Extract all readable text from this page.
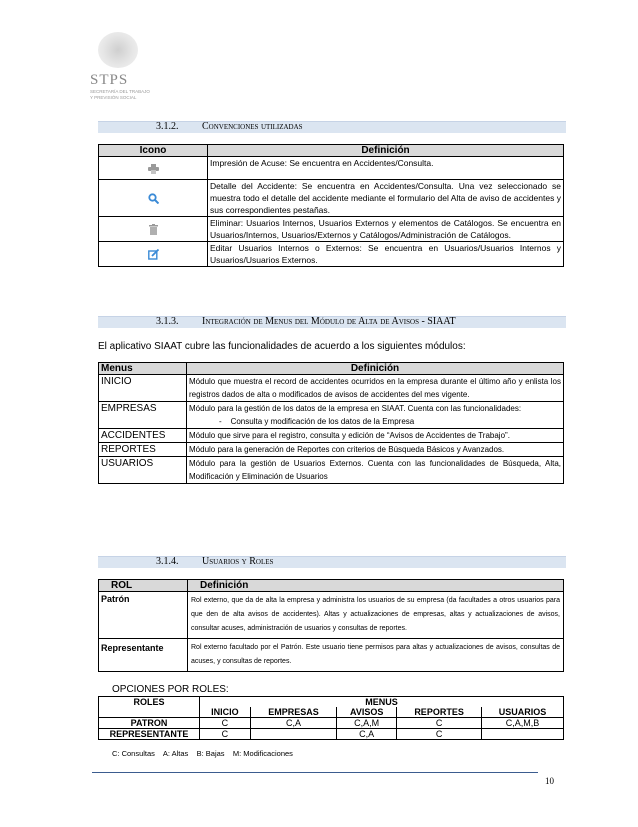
STPS
SECRETARÍA DEL TRABAJO Y PREVISIÓN SOCIAL
3.1.2. Convenciones utilizadas
Icono	Definición
	Impresión de Acuse: Se encuentra en Accidentes/Consulta.
	Detalle del Accidente: Se encuentra en Accidentes/Consulta. Una vez seleccionado se muestra todo el detalle del accidente mediante el formulario del Alta de aviso de accidentes y sus correspondientes pestañas.
	Eliminar: Usuarios Internos, Usuarios Externos y elementos de Catálogos. Se encuentra en Usuarios/Internos, Usuarios/Externos y Catálogos/Administración de Catálogos.
	Editar Usuarios Internos o Externos: Se encuentra en Usuarios/Usuarios Internos y Usuarios/Usuarios Externos.
3.1.3. Integración de Menus del Módulo de Alta de Avisos - SIAAT
El aplicativo SIAAT cubre las funcionalidades de acuerdo a los siguientes módulos:
Menus	Definición
INICIO	Módulo que muestra el record de accidentes ocurridos en la empresa durante el último año y enlista los registros dados de alta o modificados de avisos de accidentes del mes vigente.
EMPRESAS	Módulo para la gestión de los datos de la empresa en SIAAT. Cuenta con las funcionalidades:
-    Consulta y modificación de los datos de la Empresa

ACCIDENTES	Módulo que sirve para el registro, consulta y edición de “Avisos de Accidentes de Trabajo”.
REPORTES	Módulo para la generación de Reportes con criterios de Búsqueda Básicos y Avanzados.
USUARIOS	Módulo para la gestión de Usuarios Externos. Cuenta con las funcionalidades de Búsqueda, Alta, Modificación y Eliminación de Usuarios
3.1.4. Usuarios y Roles
ROL	Definición
Patrón	Rol externo, que da de alta la empresa y administra los usuarios de su empresa (da facultades a otros usuarios para que den de alta avisos de accidentes). Altas y actualizaciones de empresas, altas y actualizaciones de avisos, consultar acuses, administración de usuarios y consultas de reportes.
Representante	Rol externo facultado por el Patrón. Este usuario tiene permisos para altas y actualizaciones de avisos, consultas de acuses, y consultas de reportes.
OPCIONES POR ROLES:
ROLES	MENUS				
	INICIO	EMPRESAS	AVISOS	REPORTES	USUARIOS
PATRON	C	C,A	C,A,M	C	C,A,M,B
REPRESENTANTE	C		C,A	C	
C: Consultas    A: Altas    B: Bajas    M: Modificaciones
10
